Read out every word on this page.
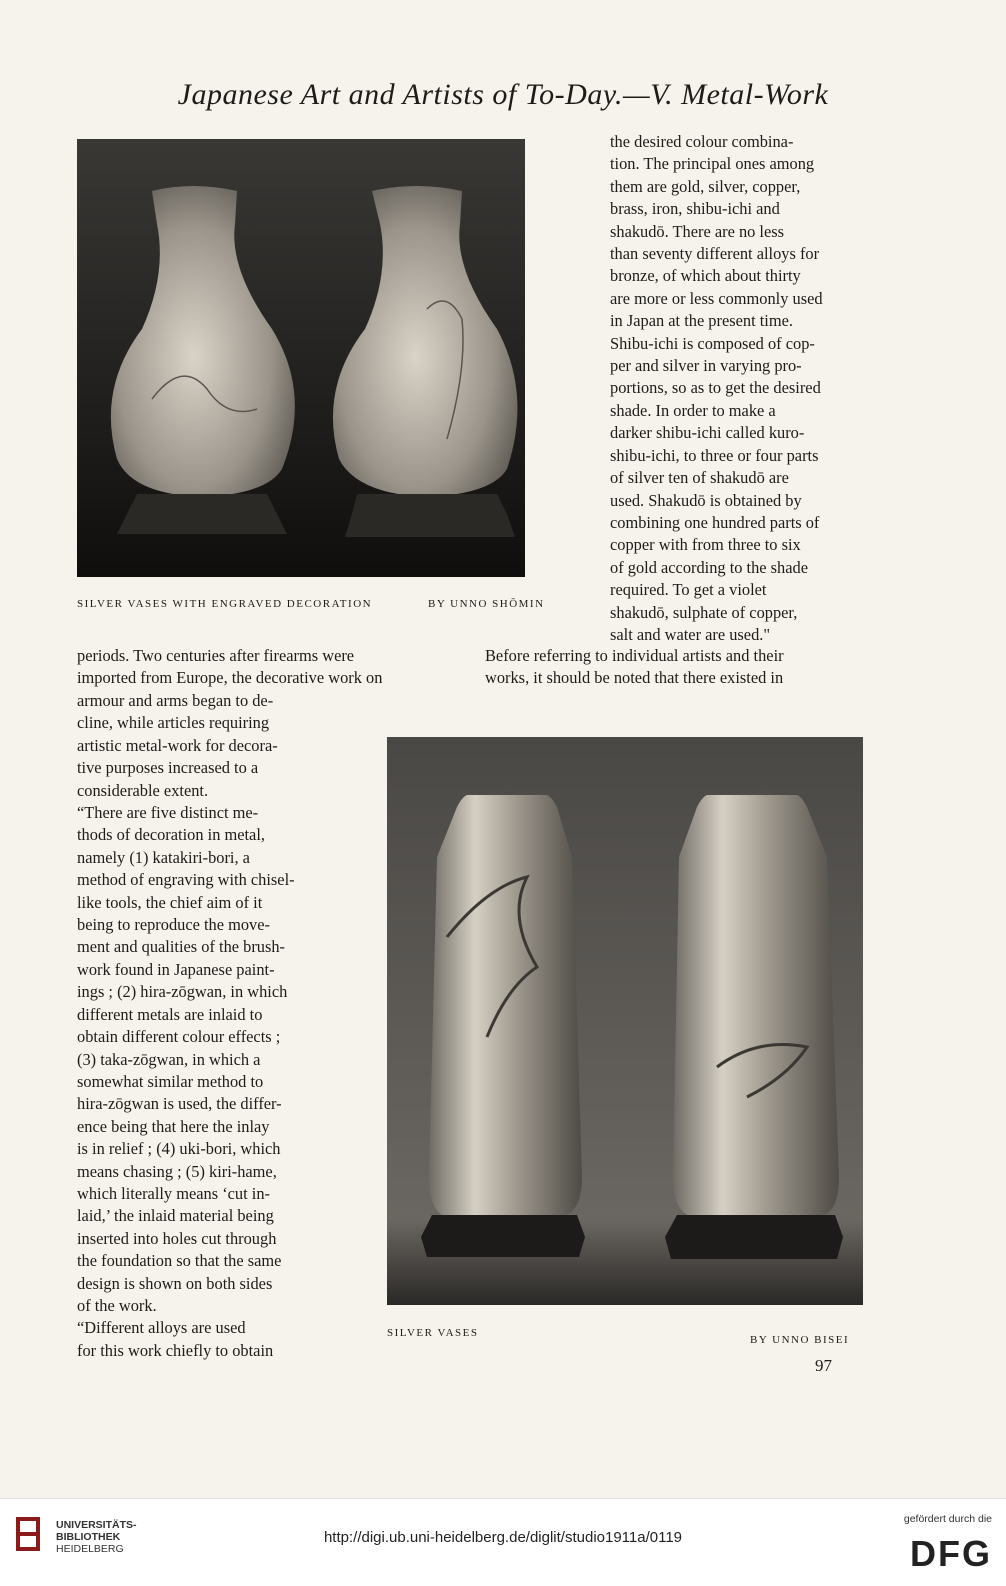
Japanese Art and Artists of To-Day.—V. Metal-Work
SILVER VASES WITH ENGRAVED DECORATION	BY UNNO SHŌMIN
the desired colour combina-
tion. The principal ones among
them are gold, silver, copper,
brass, iron, shibu-ichi and
shakudō. There are no less
than seventy different alloys for
bronze, of which about thirty
are more or less commonly used
in Japan at the present time.
Shibu-ichi is composed of cop-
per and silver in varying pro-
portions, so as to get the desired
shade. In order to make a
darker shibu-ichi called kuro-
shibu-ichi, to three or four parts
of silver ten of shakudō are
used. Shakudō is obtained by
combining one hundred parts of
copper with from three to six
of gold according to the shade
required. To get a violet
shakudō, sulphate of copper,
salt and water are used."
periods. Two centuries after firearms were
imported from Europe, the decorative work on
Before referring to individual artists and their
works, it should be noted that there existed in
armour and arms began to de-
cline, while articles requiring
artistic metal-work for decora-
tive purposes increased to a
considerable extent.
“There are five distinct me-
thods of decoration in metal,
namely (1) katakiri-bori, a
method of engraving with chisel-
like tools, the chief aim of it
being to reproduce the move-
ment and qualities of the brush-
work found in Japanese paint-
ings ; (2) hira-zōgwan, in which
different metals are inlaid to
obtain different colour effects ;
(3) taka-zōgwan, in which a
somewhat similar method to
hira-zōgwan is used, the differ-
ence being that here the inlay
is in relief ; (4) uki-bori, which
means chasing ; (5) kiri-hame,
which literally means ‘cut in-
laid,’ the inlaid material being
inserted into holes cut through
the foundation so that the same
design is shown on both sides
of the work.
“Different alloys are used
for this work chiefly to obtain
SILVER VASES
BY UNNO BISEI
97
UNIVERSITÄTS-
BIBLIOTHEK
HEIDELBERG
http://digi.ub.uni-heidelberg.de/diglit/studio1911a/0119
gefördert durch die
DFG
